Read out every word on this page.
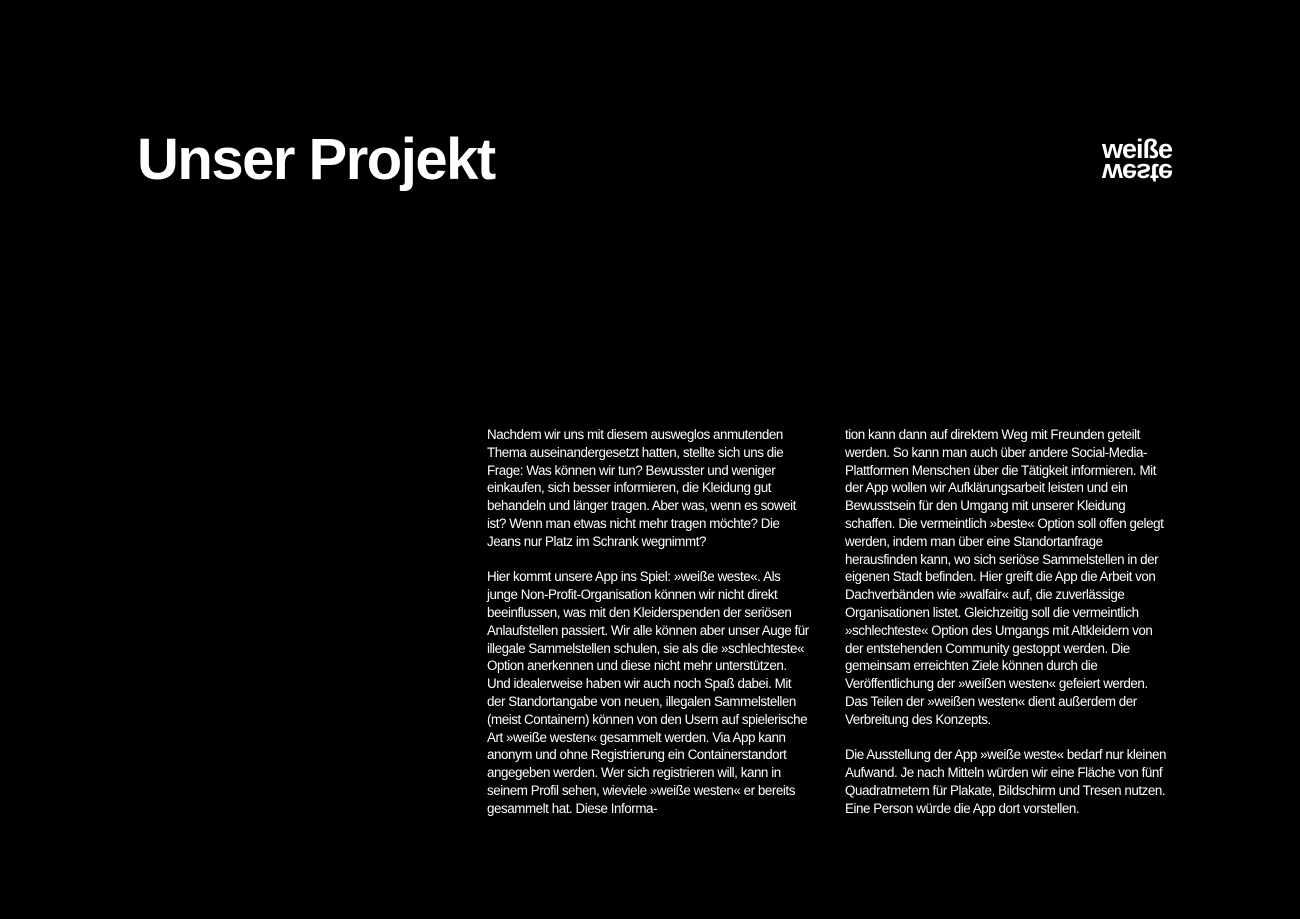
Unser Projekt	weiße
weste

Nachdem wir uns mit diesem ausweglos anmutenden Thema auseinandergesetzt hatten, stellte sich uns die Frage: Was können wir tun? Bewusster und weniger einkaufen, sich besser informieren, die Kleidung gut behandeln und länger tragen. Aber was, wenn es soweit ist? Wenn man etwas nicht mehr tragen möchte? Die Jeans nur Platz im Schrank wegnimmt?

Hier kommt unsere App ins Spiel: »weiße weste«. Als junge Non-Profit-Organisation können wir nicht direkt beeinflussen, was mit den Kleiderspenden der seriösen Anlaufstellen passiert. Wir alle können aber unser Auge für illegale Sammelstellen schulen, sie als die »schlechteste« Option anerkennen und diese nicht mehr unterstützen. Und idealerweise haben wir auch noch Spaß dabei. Mit der Standortangabe von neuen, illegalen Sammelstellen (meist Containern) können von den Usern auf spielerische Art »weiße westen« gesammelt werden. Via App kann anonym und ohne Registrierung ein Containerstandort angegeben werden. Wer sich registrieren will, kann in seinem Profil sehen, wieviele »weiße westen« er bereits gesammelt hat. Diese Informa-

tion kann dann auf direktem Weg mit Freunden geteilt werden. So kann man auch über andere Social-Media-Plattformen Menschen über die Tätigkeit informieren. Mit der App wollen wir Aufklärungsarbeit leisten und ein Bewusstsein für den Umgang mit unserer Kleidung schaffen. Die vermeintlich »beste« Option soll offen gelegt werden, indem man über eine Standortanfrage herausfinden kann, wo sich seriöse Sammelstellen in der eigenen Stadt befinden. Hier greift die App die Arbeit von Dachverbänden wie »walfair« auf, die zuverlässige Organisationen listet. Gleichzeitig soll die vermeintlich »schlechteste« Option des Umgangs mit Altkleidern von der entstehenden Community gestoppt werden. Die gemeinsam erreichten Ziele können durch die Veröffentlichung der »weißen westen« gefeiert werden. Das Teilen der »weißen westen« dient außerdem der Verbreitung des Konzepts.

Die Ausstellung der App »weiße weste« bedarf nur kleinen Aufwand. Je nach Mitteln würden wir eine Fläche von fünf Quadratmetern für Plakate, Bildschirm und Tresen nutzen. Eine Person würde die App dort vorstellen.
